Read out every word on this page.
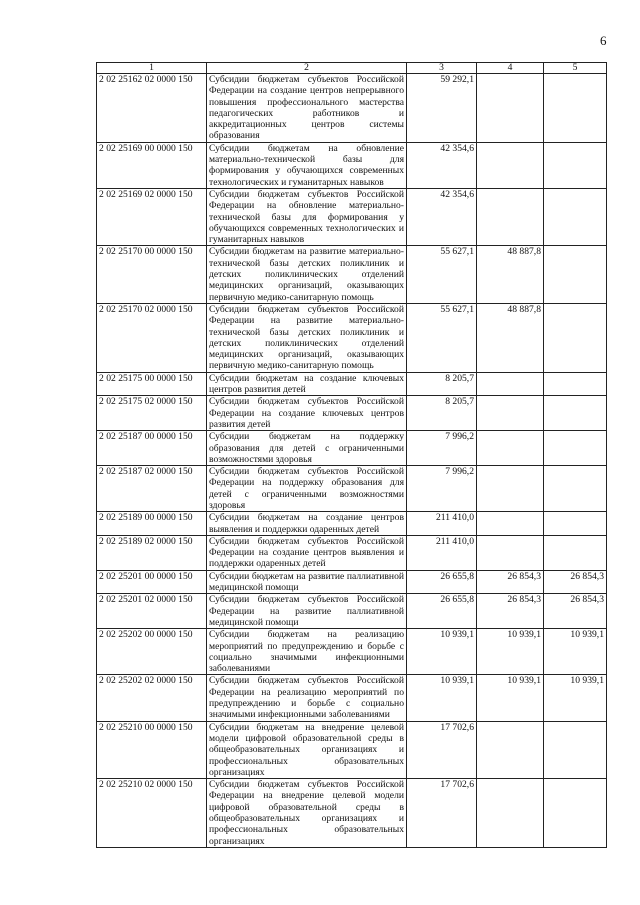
6
1	2	3	4	5
2 02 25162 02 0000 150	Субсидии бюджетам субъектов Российской Федерации на создание центров непрерывного повышения профессионального мастерства педагогических работников и аккредитационных центров системы образования	59 292,1		
2 02 25169 00 0000 150	Субсидии бюджетам на обновление материально-технической базы для формирования у обучающихся современных технологических и гуманитарных навыков	42 354,6		
2 02 25169 02 0000 150	Субсидии бюджетам субъектов Российской Федерации на обновление материально-технической базы для формирования у обучающихся современных технологических и гуманитарных навыков	42 354,6		
2 02 25170 00 0000 150	Субсидии бюджетам на развитие материально-технической базы детских поликлиник и детских поликлинических отделений медицинских организаций, оказывающих первичную медико-санитарную помощь	55 627,1	48 887,8	
2 02 25170 02 0000 150	Субсидии бюджетам субъектов Российской Федерации на развитие материально-технической базы детских поликлиник и детских поликлинических отделений медицинских организаций, оказывающих первичную медико-санитарную помощь	55 627,1	48 887,8	
2 02 25175 00 0000 150	Субсидии бюджетам на создание ключевых центров развития детей	8 205,7		
2 02 25175 02 0000 150	Субсидии бюджетам субъектов Российской Федерации на создание ключевых центров развития детей	8 205,7		
2 02 25187 00 0000 150	Субсидии бюджетам на поддержку образования для детей с ограниченными возможностями здоровья	7 996,2		
2 02 25187 02 0000 150	Субсидии бюджетам субъектов Российской Федерации на поддержку образования для детей с ограниченными возможностями здоровья	7 996,2		
2 02 25189 00 0000 150	Субсидии бюджетам на создание центров выявления и поддержки одаренных детей	211 410,0		
2 02 25189 02 0000 150	Субсидии бюджетам субъектов Российской Федерации на создание центров выявления и поддержки одаренных детей	211 410,0		
2 02 25201 00 0000 150	Субсидии бюджетам на развитие паллиативной медицинской помощи	26 655,8	26 854,3	26 854,3
2 02 25201 02 0000 150	Субсидии бюджетам субъектов Российской Федерации на развитие паллиативной медицинской помощи	26 655,8	26 854,3	26 854,3
2 02 25202 00 0000 150	Субсидии бюджетам на реализацию мероприятий по предупреждению и борьбе с социально значимыми инфекционными заболеваниями	10 939,1	10 939,1	10 939,1
2 02 25202 02 0000 150	Субсидии бюджетам субъектов Российской Федерации на реализацию мероприятий по предупреждению и борьбе с социально значимыми инфекционными заболеваниями	10 939,1	10 939,1	10 939,1
2 02 25210 00 0000 150	Субсидии бюджетам на внедрение целевой модели цифровой образовательной среды в общеобразовательных организациях и профессиональных образовательных организациях	17 702,6		
2 02 25210 02 0000 150	Субсидии бюджетам субъектов Российской Федерации на внедрение целевой модели цифровой образовательной среды в общеобразовательных организациях и профессиональных образовательных организациях	17 702,6		
